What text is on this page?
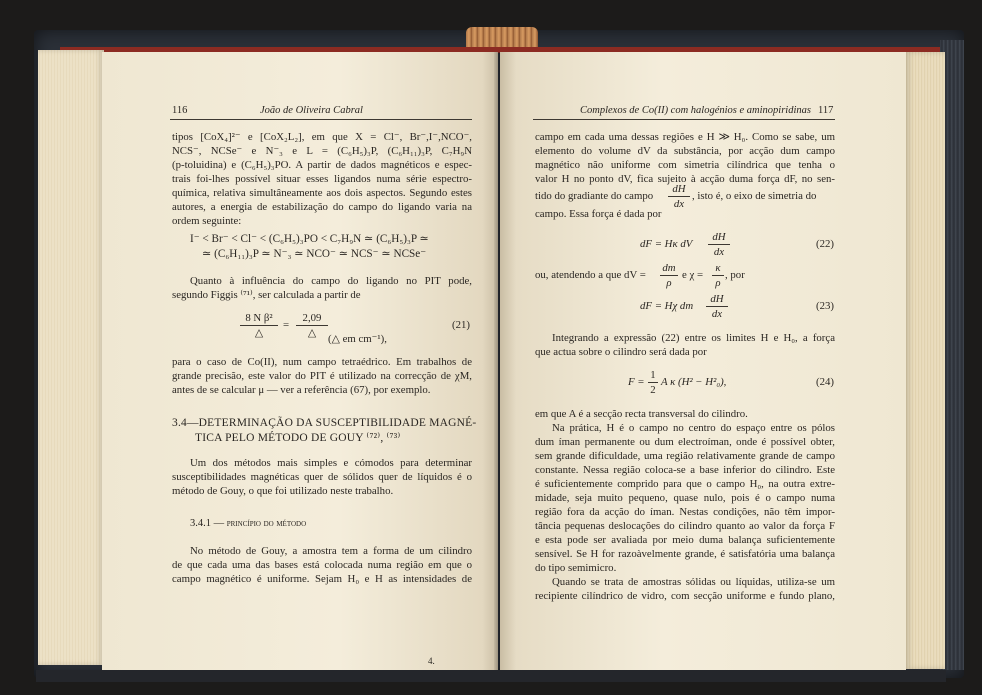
116	João de Oliveira Cabral
tipos [CoX₄]²⁻ e [CoX₂L₂], em que X = Cl⁻, Br⁻,I⁻,NCO⁻,
NCS⁻, NCSe⁻ e N⁻₃ e L = (C₆H₅)₃P, (C₆H₁₁)₃P, C₇H₉N
(p-toluidina) e (C₆H₅)₃PO. A partir de dados magnéticos e espec-
trais foi-lhes possível situar esses ligandos numa série espectro-
química, relativa simultâneamente aos dois aspectos. Segundo estes
autores, a energia de estabilização do campo do ligando varia na
ordem seguinte:
I⁻ < Br⁻ < Cl⁻ < (C₆H₅)₃PO < C₇H₉N ≃ (C₆H₅)₃P ≃
≃ (C₆H₁₁)₃P ≃ N⁻₃ ≃ NCO⁻ ≃ NCS⁻ ≃ NCSe⁻
Quanto à influência do campo do ligando no PIT pode,
segundo Figgis ⁽⁷¹⁾, ser calculada a partir de
8 N β²
△
=
2,09
△	(△ em cm⁻¹),
(21)
para o caso de Co(II), num campo tetraédrico. Em trabalhos de
grande precisão, este valor do PIT é utilizado na correcção de χM,
antes de se calcular μ — ver a referência (67), por exemplo.
3.4—DETERMINAÇÃO DA SUSCEPTIBILIDADE MAGNÉ-
TICA PELO MÉTODO DE GOUY ⁽⁷²⁾, ⁽⁷³⁾
Um dos métodos mais simples e cómodos para determinar
susceptibilidades magnéticas quer de sólidos quer de líquidos é o
método de Gouy, o que foi utilizado neste trabalho.
3.4.1 — princípio do método
No método de Gouy, a amostra tem a forma de um cilindro
de que cada uma das bases está colocada numa região em que o
campo magnético é uniforme. Sejam H₀ e H as intensidades de
4.
Complexos de Co(II) com halogénios e aminopiridinas 117
campo em cada uma dessas regiões e H ≫ H₀. Como se sabe, um
elemento do volume dV da substância, por acção dum campo
magnético não uniforme com simetria cilíndrica que tenha o
valor H no ponto dV, fica sujeito à acção duma força dF, no sen-
tido do gradiante do campo
dH
dx
, isto é, o eixo de simetria do
campo. Essa força é dada por
dF = Hκ dV
dH
dx
(22)
ou, atendendo a que dV =
dm
ρ
e χ =
κ
ρ
, por
dF = Hχ dm
dH
dx
(23)
Integrando a expressão (22) entre os limites H e H₀, a força
que actua sobre o cilindro será dada por
F =
1
2
A κ (H² − H²₀),	(24)
em que A é a secção recta transversal do cilindro.
Na prática, H é o campo no centro do espaço entre os pólos
dum íman permanente ou dum electroíman, onde é possível obter,
sem grande dificuldade, uma região relativamente grande de campo
constante. Nessa região coloca-se a base inferior do cilindro. Este
é suficientemente comprido para que o campo H₀, na outra extre-
midade, seja muito pequeno, quase nulo, pois é o campo numa
região fora da acção do íman. Nestas condições, não têm impor-
tância pequenas deslocações do cilindro quanto ao valor da força F
e esta pode ser avaliada por meio duma balança suficientemente
sensível. Se H for razoàvelmente grande, é satisfatória uma balança
do tipo semimicro.
Quando se trata de amostras sólidas ou líquidas, utiliza-se um
recipiente cilíndrico de vidro, com secção uniforme e fundo plano,
